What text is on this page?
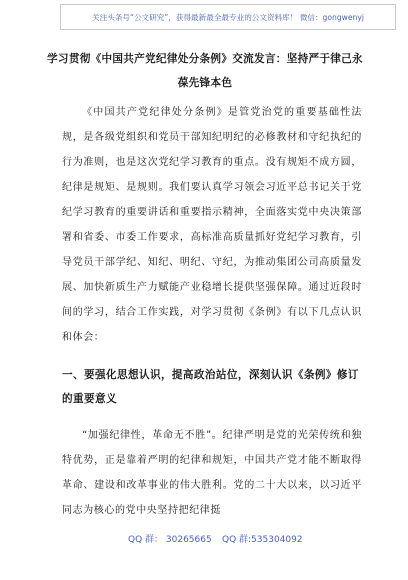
关注头条号“公文研究”，获得最新最全最专业的公文资料库！ 微信：gongwenyj
学习贯彻《中国共产党纪律处分条例》交流发言：坚持严于律己永葆先锋本色
《中国共产党纪律处分条例》是管党治党的重要基础性法规，是各级党组织和党员干部知纪明纪的必修教材和守纪执纪的行为准则，也是这次党纪学习教育的重点。没有规矩不成方圆，纪律是规矩、是规则。我们要认真学习领会习近平总书记关于党纪学习教育的重要讲话和重要指示精神，全面落实党中央决策部署和省委、市委工作要求，高标准高质量抓好党纪学习教育，引导党员干部学纪、知纪、明纪、守纪，为推动集团公司高质量发展、加快新质生产力赋能产业稳增长提供坚强保障。通过近段时间的学习，结合工作实践，对学习贯彻《条例》有以下几点认识和体会：
一、要强化思想认识，提高政治站位，深刻认识《条例》修订的重要意义
“加强纪律性，革命无不胜”。纪律严明是党的光荣传统和独特优势，正是靠着严明的纪律和规矩，中国共产党才能不断取得革命、建设和改革事业的伟大胜利。党的二十大以来，以习近平同志为核心的党中央坚持把纪律挺
QQ 群： 30265665 QQ 群:535304092
